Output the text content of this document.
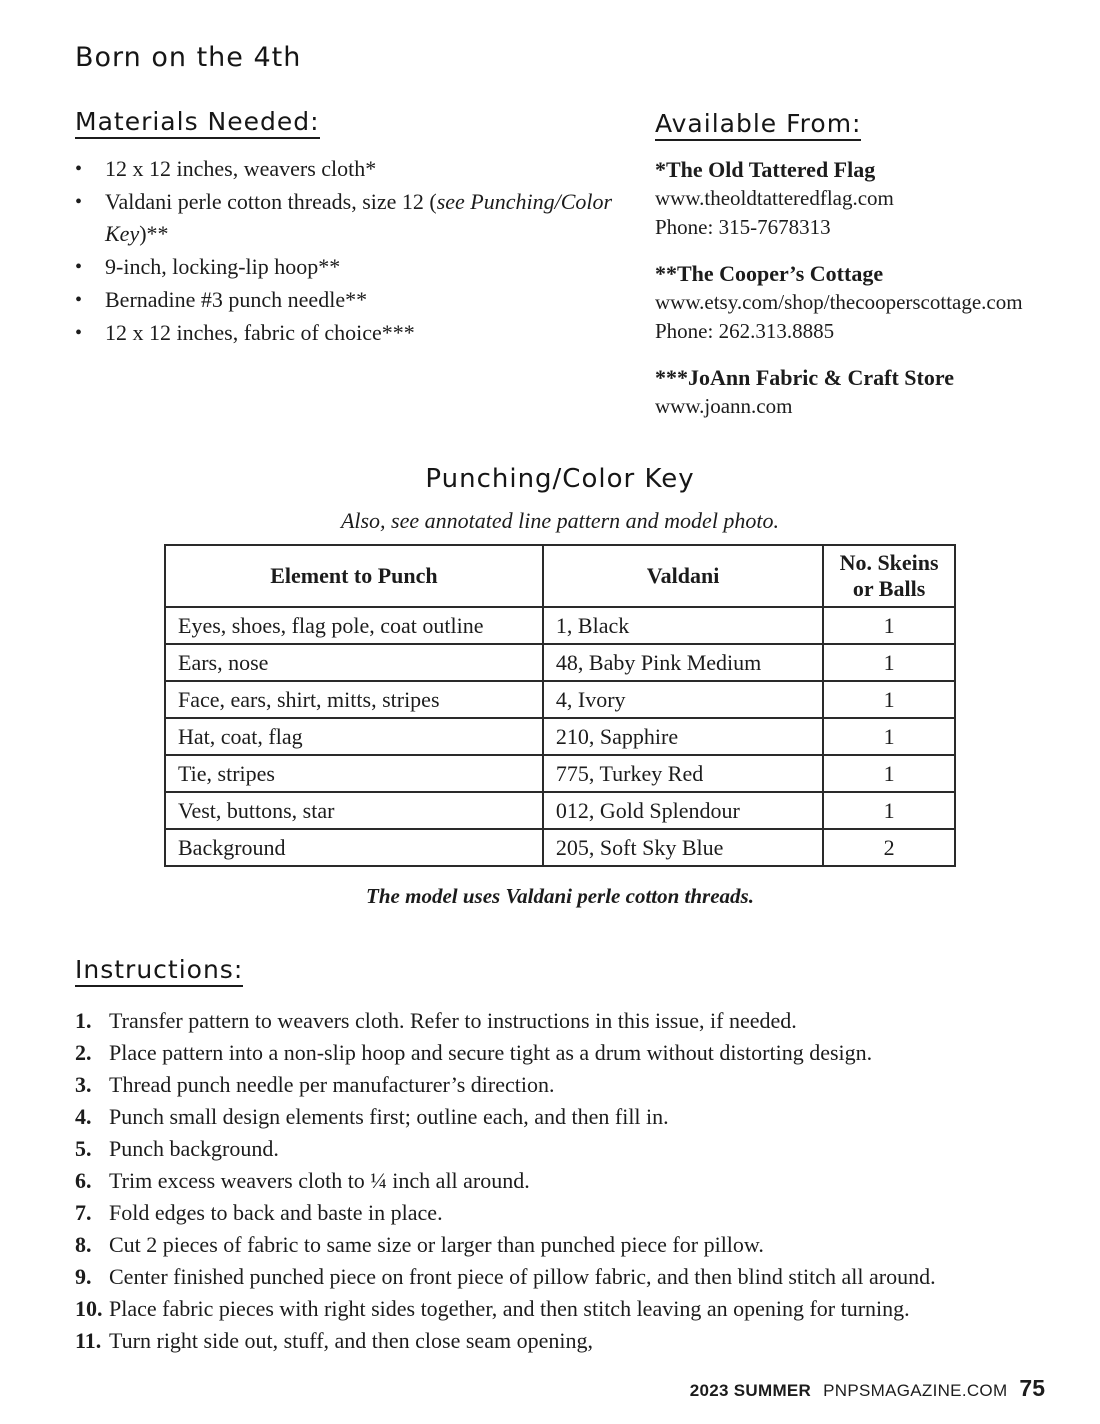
Born on the 4th
Materials Needed:
•	12 x 12 inches, weavers cloth*
•	Valdani perle cotton threads, size 12 (see Punching/Color Key)**
•	9-inch, locking-lip hoop**
•	Bernadine #3 punch needle**
•	12 x 12 inches, fabric of choice***
Available From:
*The Old Tattered Flag
www.theoldtatteredflag.com
Phone: 315-7678313
**The Cooper’s Cottage
www.etsy.com/shop/thecooperscottage.com
Phone: 262.313.8885
***JoAnn Fabric & Craft Store
www.joann.com
Punching/Color Key
Also, see annotated line pattern and model photo.
Element to Punch	Valdani	No. Skeins or Balls
Eyes, shoes, flag pole, coat outline	1, Black	1
Ears, nose	48, Baby Pink Medium	1
Face, ears, shirt, mitts, stripes	4, Ivory	1
Hat, coat, flag	210, Sapphire	1
Tie, stripes	775, Turkey Red	1
Vest, buttons, star	012, Gold Splendour	1
Background	205, Soft Sky Blue	2
The model uses Valdani perle cotton threads.
Instructions:
1. Transfer pattern to weavers cloth. Refer to instructions in this issue, if needed.
2. Place pattern into a non-slip hoop and secure tight as a drum without distorting design.
3. Thread punch needle per manufacturer’s direction.
4. Punch small design elements first; outline each, and then fill in.
5. Punch background.
6. Trim excess weavers cloth to ¼ inch all around.
7. Fold edges to back and baste in place.
8. Cut 2 pieces of fabric to same size or larger than punched piece for pillow.
9. Center finished punched piece on front piece of pillow fabric, and then blind stitch all around.
10. Place fabric pieces with right sides together, and then stitch leaving an opening for turning.
11. Turn right side out, stuff, and then close seam opening,
2023 SUMMER PNPSMAGAZINE.COM 75
